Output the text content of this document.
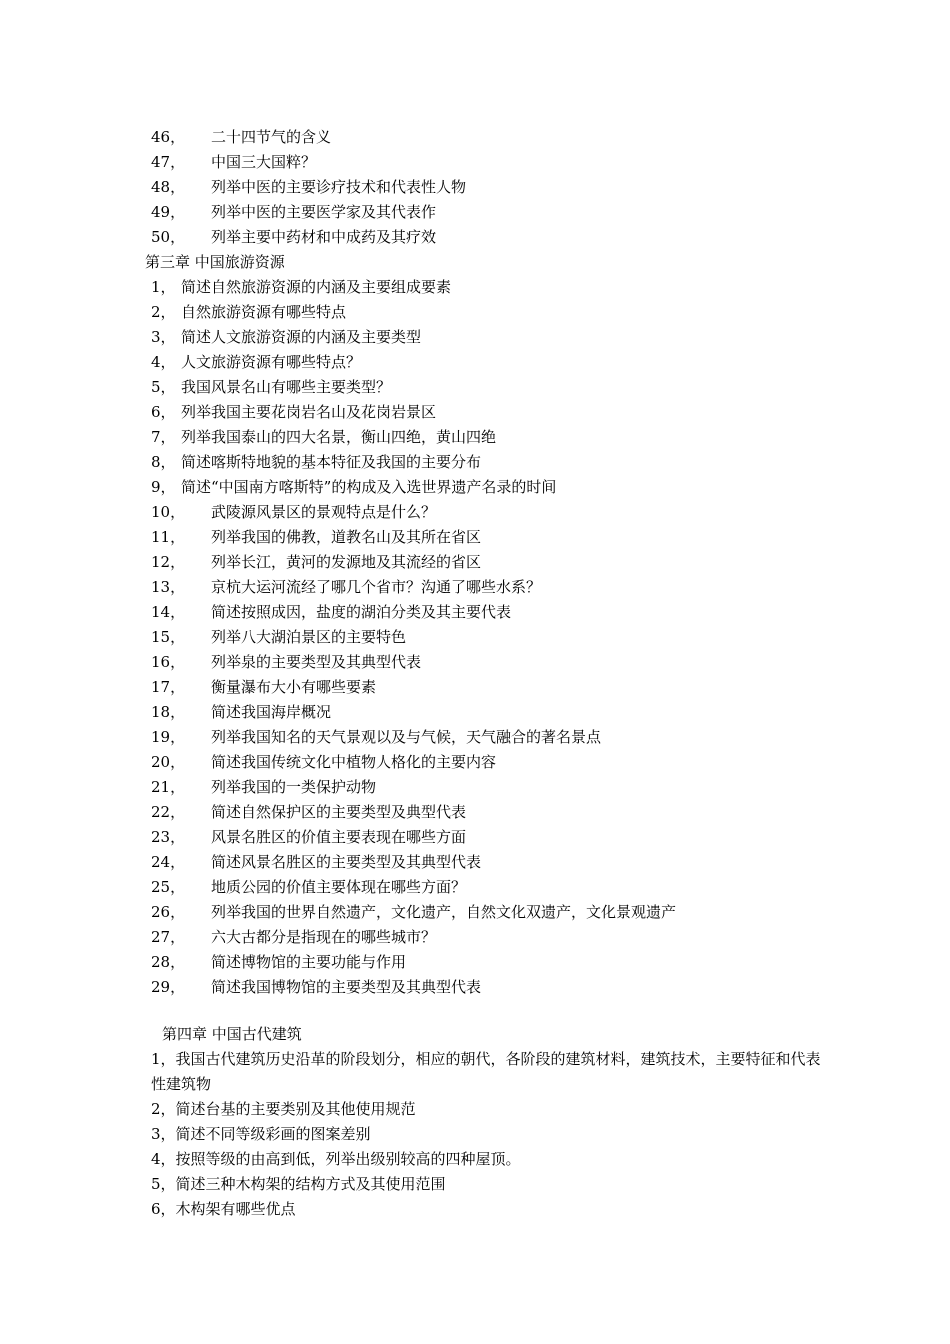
46， 二十四节气的含义
47， 中国三大国粹？
48， 列举中医的主要诊疗技术和代表性人物
49， 列举中医的主要医学家及其代表作
50， 列举主要中药材和中成药及其疗效
第三章 中国旅游资源
1， 简述自然旅游资源的内涵及主要组成要素
2， 自然旅游资源有哪些特点
3， 简述人文旅游资源的内涵及主要类型
4， 人文旅游资源有哪些特点？
5， 我国风景名山有哪些主要类型？
6， 列举我国主要花岗岩名山及花岗岩景区
7， 列举我国泰山的四大名景，衡山四绝，黄山四绝
8， 简述喀斯特地貌的基本特征及我国的主要分布
9， 简述“中国南方喀斯特”的构成及入选世界遗产名录的时间
10， 武陵源风景区的景观特点是什么？
11， 列举我国的佛教，道教名山及其所在省区
12， 列举长江，黄河的发源地及其流经的省区
13， 京杭大运河流经了哪几个省市？沟通了哪些水系？
14， 简述按照成因，盐度的湖泊分类及其主要代表
15， 列举八大湖泊景区的主要特色
16， 列举泉的主要类型及其典型代表
17， 衡量瀑布大小有哪些要素
18， 简述我国海岸概况
19， 列举我国知名的天气景观以及与气候，天气融合的著名景点
20， 简述我国传统文化中植物人格化的主要内容
21， 列举我国的一类保护动物
22， 简述自然保护区的主要类型及典型代表
23， 风景名胜区的价值主要表现在哪些方面
24， 简述风景名胜区的主要类型及其典型代表
25， 地质公园的价值主要体现在哪些方面？
26， 列举我国的世界自然遗产，文化遗产，自然文化双遗产，文化景观遗产
27， 六大古都分是指现在的哪些城市？
28， 简述博物馆的主要功能与作用
29， 简述我国博物馆的主要类型及其典型代表
第四章 中国古代建筑
1，我国古代建筑历史沿革的阶段划分，相应的朝代，各阶段的建筑材料，建筑技术，主要特征和代表性建筑物
2，简述台基的主要类别及其他使用规范
3，简述不同等级彩画的图案差别
4，按照等级的由高到低，列举出级别较高的四种屋顶。
5，简述三种木构架的结构方式及其使用范围
6，木构架有哪些优点
